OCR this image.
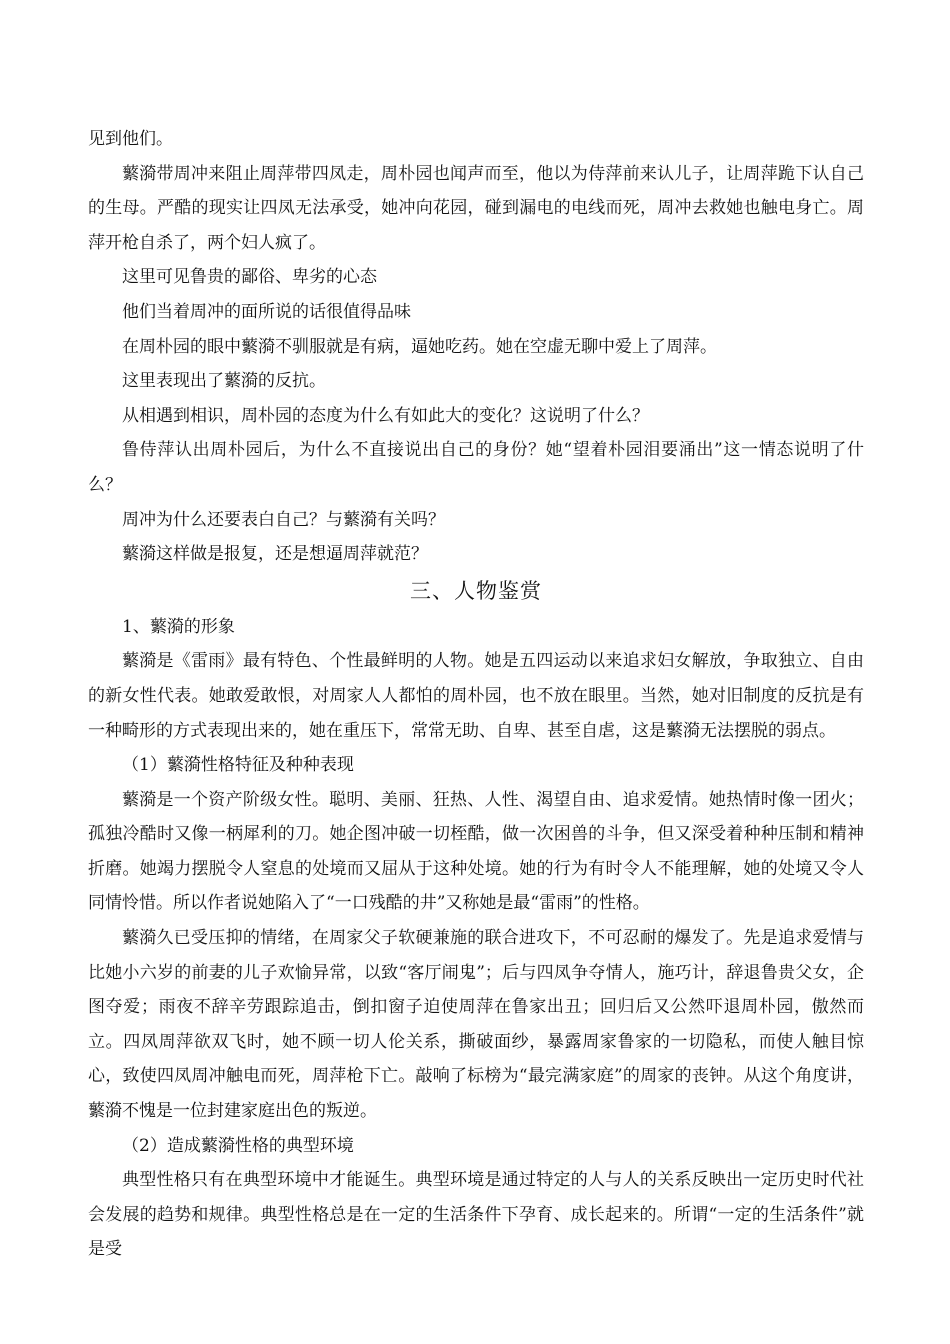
见到他们。

蘩漪带周冲来阻止周萍带四凤走，周朴园也闻声而至，他以为侍萍前来认儿子，让周萍跪下认自己的生母。严酷的现实让四凤无法承受，她冲向花园，碰到漏电的电线而死，周冲去救她也触电身亡。周萍开枪自杀了，两个妇人疯了。

这里可见鲁贵的鄙俗、卑劣的心态

他们当着周冲的面所说的话很值得品味

在周朴园的眼中蘩漪不驯服就是有病，逼她吃药。她在空虚无聊中爱上了周萍。

这里表现出了蘩漪的反抗。

从相遇到相识，周朴园的态度为什么有如此大的变化？这说明了什么？

鲁侍萍认出周朴园后，为什么不直接说出自己的身份？她“望着朴园泪要涌出”这一情态说明了什么？

周冲为什么还要表白自己？与蘩漪有关吗？

蘩漪这样做是报复，还是想逼周萍就范？

三、人物鉴赏

1、蘩漪的形象

蘩漪是《雷雨》最有特色、个性最鲜明的人物。她是五四运动以来追求妇女解放，争取独立、自由的新女性代表。她敢爱敢恨，对周家人人都怕的周朴园，也不放在眼里。当然，她对旧制度的反抗是有一种畸形的方式表现出来的，她在重压下，常常无助、自卑、甚至自虐，这是蘩漪无法摆脱的弱点。

（1）蘩漪性格特征及种种表现

蘩漪是一个资产阶级女性。聪明、美丽、狂热、人性、渴望自由、追求爱情。她热情时像一团火；孤独冷酷时又像一柄犀利的刀。她企图冲破一切桎酷，做一次困兽的斗争，但又深受着种种压制和精神折磨。她竭力摆脱令人窒息的处境而又屈从于这种处境。她的行为有时令人不能理解，她的处境又令人同情怜惜。所以作者说她陷入了“一口残酷的井”又称她是最“雷雨”的性格。

蘩漪久已受压抑的情绪，在周家父子软硬兼施的联合进攻下，不可忍耐的爆发了。先是追求爱情与比她小六岁的前妻的儿子欢愉异常，以致“客厅闹鬼”；后与四凤争夺情人，施巧计，辞退鲁贵父女，企图夺爱；雨夜不辞辛劳跟踪追击，倒扣窗子迫使周萍在鲁家出丑；回归后又公然吓退周朴园，傲然而立。四凤周萍欲双飞时，她不顾一切人伦关系，撕破面纱，暴露周家鲁家的一切隐私，而使人触目惊心，致使四凤周冲触电而死，周萍枪下亡。敲响了标榜为“最完满家庭”的周家的丧钟。从这个角度讲，蘩漪不愧是一位封建家庭出色的叛逆。

（2）造成蘩漪性格的典型环境

典型性格只有在典型环境中才能诞生。典型环境是通过特定的人与人的关系反映出一定历史时代社会发展的趋势和规律。典型性格总是在一定的生活条件下孕育、成长起来的。所谓“一定的生活条件”就是受
